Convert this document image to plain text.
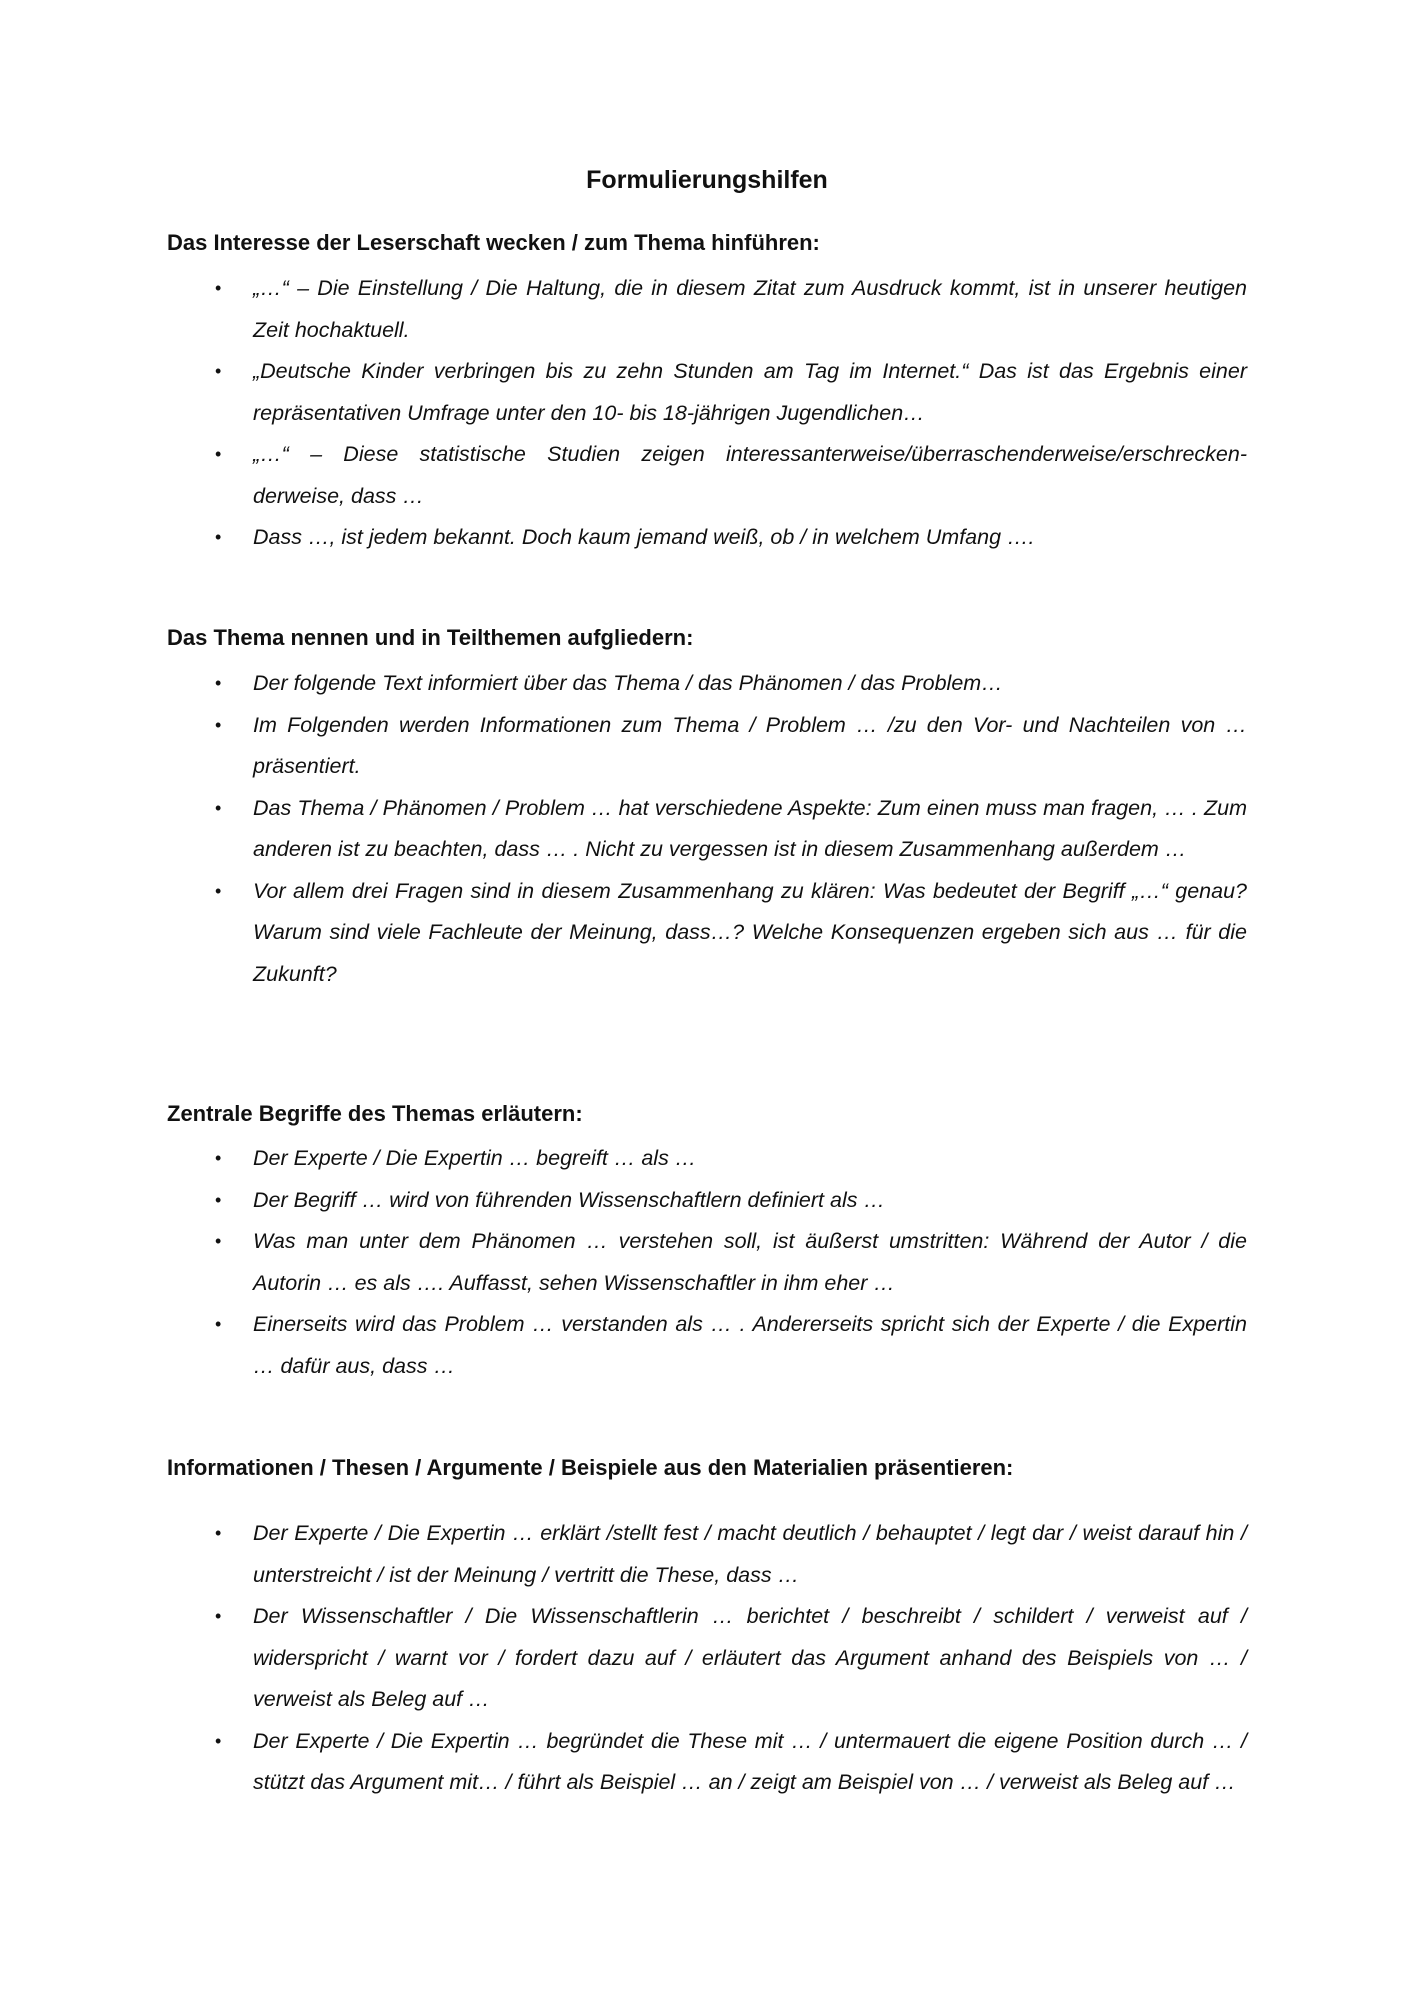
Formulierungshilfen
Das Interesse der Leserschaft wecken / zum Thema hinführen:
• „…“ – Die Einstellung / Die Haltung, die in diesem Zitat zum Ausdruck kommt, ist in unserer heutigen Zeit hochaktuell.
• „Deutsche Kinder verbringen bis zu zehn Stunden am Tag im Internet.“ Das ist das Ergebnis einer repräsentativen Umfrage unter den 10- bis 18-jährigen Jugendlichen…
• „…“ – Diese statistische Studien zeigen interessanterweise/überraschenderweise/erschrecken-derweise, dass …
• Dass …, ist jedem bekannt. Doch kaum jemand weiß, ob / in welchem Umfang ….
Das Thema nennen und in Teilthemen aufgliedern:
• Der folgende Text informiert über das Thema / das Phänomen / das Problem…
• Im Folgenden werden Informationen zum Thema / Problem … /zu den Vor- und Nachteilen von … präsentiert.
• Das Thema / Phänomen / Problem … hat verschiedene Aspekte: Zum einen muss man fragen, … . Zum anderen ist zu beachten, dass … . Nicht zu vergessen ist in diesem Zusammenhang außerdem …
• Vor allem drei Fragen sind in diesem Zusammenhang zu klären: Was bedeutet der Begriff „…“ genau? Warum sind viele Fachleute der Meinung, dass…? Welche Konsequenzen ergeben sich aus … für die Zukunft?
Zentrale Begriffe des Themas erläutern:
• Der Experte / Die Expertin … begreift … als …
• Der Begriff … wird von führenden Wissenschaftlern definiert als …
• Was man unter dem Phänomen … verstehen soll, ist äußerst umstritten: Während der Autor / die Autorin … es als …. Auffasst, sehen Wissenschaftler in ihm eher …
• Einerseits wird das Problem … verstanden als … . Andererseits spricht sich der Experte / die Expertin … dafür aus, dass …
Informationen / Thesen / Argumente / Beispiele aus den Materialien präsentieren:
• Der Experte / Die Expertin … erklärt /stellt fest / macht deutlich / behauptet / legt dar / weist darauf hin / unterstreicht / ist der Meinung / vertritt die These, dass …
• Der Wissenschaftler / Die Wissenschaftlerin … berichtet / beschreibt / schildert / verweist auf / widerspricht / warnt vor / fordert dazu auf / erläutert das Argument anhand des Beispiels von … / verweist als Beleg auf …
• Der Experte / Die Expertin … begründet die These mit … / untermauert die eigene Position durch … / stützt das Argument mit… / führt als Beispiel … an / zeigt am Beispiel von … / verweist als Beleg auf …
